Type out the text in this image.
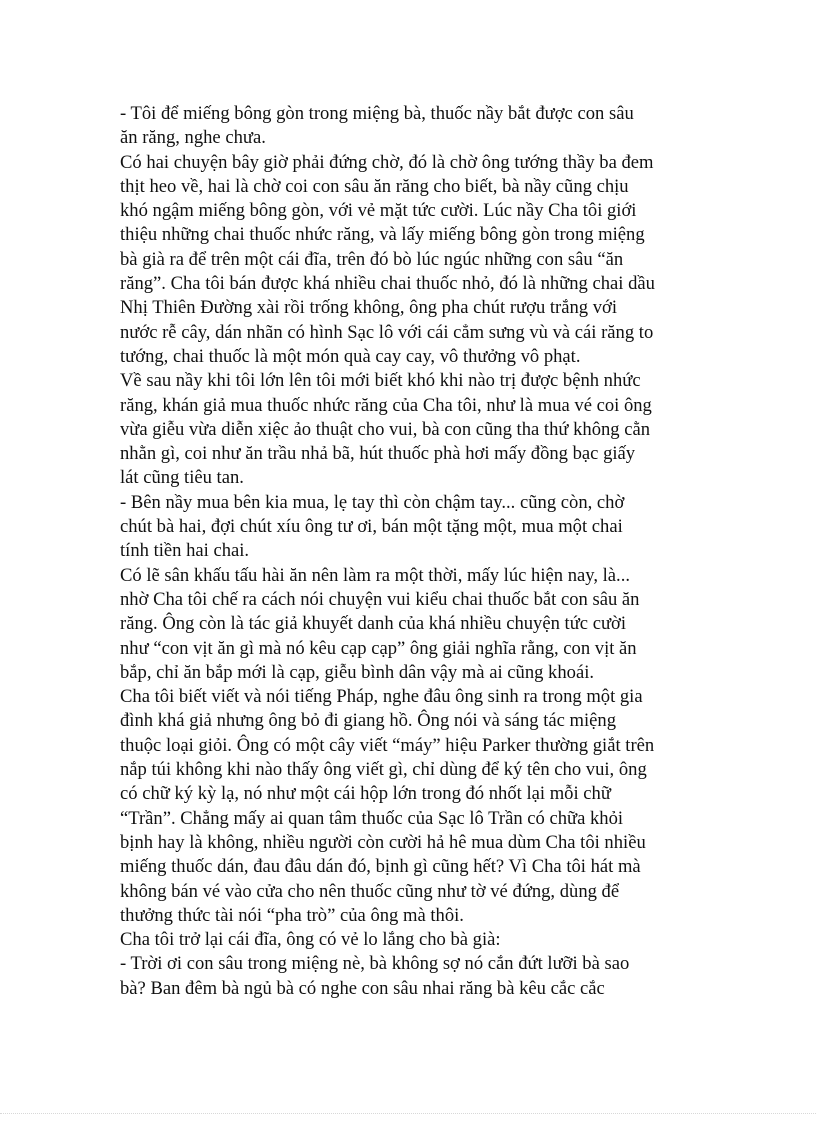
- Tôi để miếng bông gòn trong miệng bà, thuốc nầy bắt được con sâu
ăn răng, nghe chưa.
Có hai chuyện bây giờ phải đứng chờ, đó là chờ ông tướng thầy ba đem
thịt heo về, hai là chờ coi con sâu ăn răng cho biết, bà nầy cũng chịu
khó ngậm miếng bông gòn, với vẻ mặt tức cười. Lúc nầy Cha tôi giới
thiệu những chai thuốc nhức răng, và lấy miếng bông gòn trong miệng
bà già ra để trên một cái đĩa, trên đó bò lúc ngúc những con sâu “ăn
răng”. Cha tôi bán được khá nhiều chai thuốc nhỏ, đó là những chai dầu
Nhị Thiên Đường xài rồi trống không, ông pha chút rượu trắng với
nước rễ cây, dán nhãn có hình Sạc lô với cái cẳm sưng vù và cái răng to
tướng, chai thuốc là một món quà cay cay, vô thưởng vô phạt.
Về sau nầy khi tôi lớn lên tôi mới biết khó khi nào trị được bệnh nhức
răng, khán giả mua thuốc nhức răng của Cha tôi, như là mua vé coi ông
vừa giễu vừa diễn xiệc ảo thuật cho vui, bà con cũng tha thứ không cằn
nhằn gì, coi như ăn trầu nhả bã, hút thuốc phà hơi mấy đồng bạc giấy
lát cũng tiêu tan.
- Bên nầy mua bên kia mua, lẹ tay thì còn chậm tay... cũng còn, chờ
chút bà hai, đợi chút xíu ông tư ơi, bán một tặng một, mua một chai
tính tiền hai chai.
Có lẽ sân khấu tấu hài ăn nên làm ra một thời, mấy lúc hiện nay, là...
nhờ Cha tôi chế ra cách nói chuyện vui kiểu chai thuốc bắt con sâu ăn
răng. Ông còn là tác giả khuyết danh của khá nhiều chuyện tức cười
như “con vịt ăn gì mà nó kêu cạp cạp” ông giải nghĩa rằng, con vịt ăn
bắp, chỉ ăn bắp mới là cạp, giễu bình dân vậy mà ai cũng khoái.
Cha tôi biết viết và nói tiếng Pháp, nghe đâu ông sinh ra trong một gia
đình khá giả nhưng ông bỏ đi giang hồ. Ông nói và sáng tác miệng
thuộc loại giỏi. Ông có một cây viết “máy” hiệu Parker thường giắt trên
nắp túi không khi nào thấy ông viết gì, chỉ dùng để ký tên cho vui, ông
có chữ ký kỳ lạ, nó như một cái hộp lớn trong đó nhốt lại mỗi chữ
“Trần”. Chẳng mấy ai quan tâm thuốc của Sạc lô Trần có chữa khỏi
bịnh hay là không, nhiều người còn cười hả hê mua dùm Cha tôi nhiều
miếng thuốc dán, đau đâu dán đó, bịnh gì cũng hết? Vì Cha tôi hát mà
không bán vé vào cửa cho nên thuốc cũng như tờ vé đứng, dùng để
thưởng thức tài nói “pha trò” của ông mà thôi.
Cha tôi trở lại cái đĩa, ông có vẻ lo lắng cho bà già:
- Trời ơi con sâu trong miệng nè, bà không sợ nó cắn đứt lưỡi bà sao
bà? Ban đêm bà ngủ bà có nghe con sâu nhai răng bà kêu cắc cắc
